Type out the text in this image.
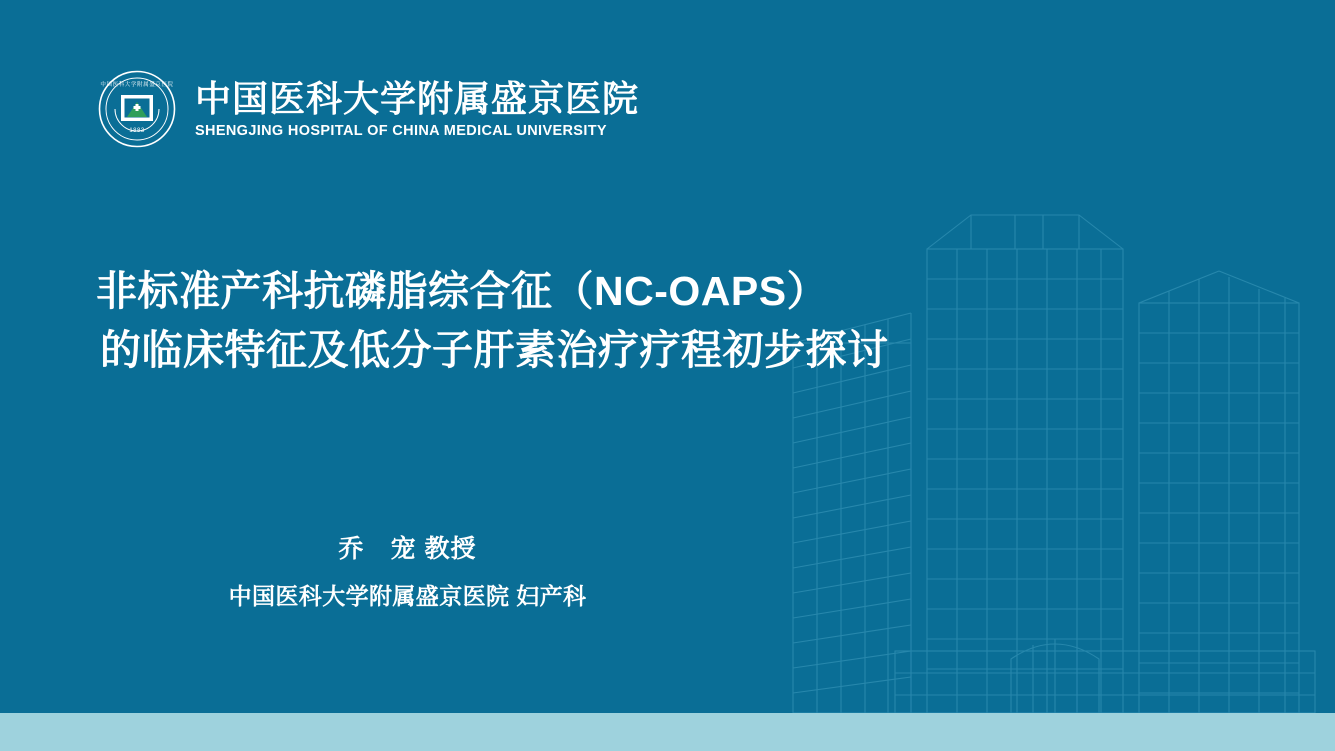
1883
中国医科大学附属盛京医院 中国医科大学附属盛京医院
SHENGJING HOSPITAL OF CHINA MEDICAL UNIVERSITY
非标准产科抗磷脂综合征（NC-OAPS）
的临床特征及低分子肝素治疗疗程初步探讨
乔　宠 教授
中国医科大学附属盛京医院 妇产科
